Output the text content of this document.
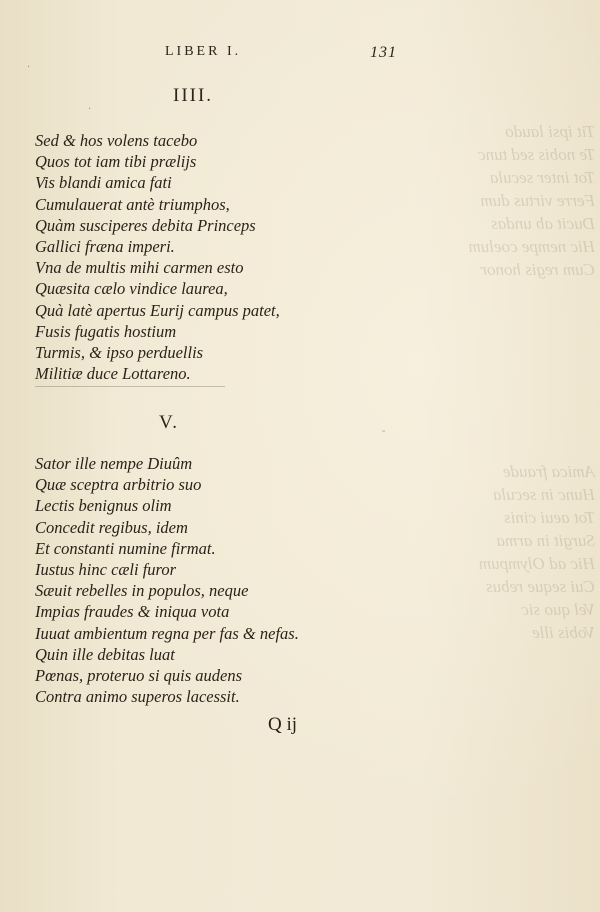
Tit ipsi laudo
Te nobis sed tunc
Tot inter secula
Ferre virtus dum
Ducit ab undas
Hic nempe coelum
Cum regis honor
Amica fraude
Hunc in secula
Tot aeui cinis
Surgit in arma
Hic ad Olympum
Cui seque rebus
Vel quo sic
Vobis ille
LIBER I.	131
IIII.
Sed & hos volens tacebo
Quos tot iam tibi prælijs
Vis blandi amica fati
Cumulauerat antè triumphos,
Quàm susciperes debita Princeps
Gallici fræna imperi.
Vna de multis mihi carmen esto
Quæsita cælo vindice laurea,
Quà latè apertus Eurij campus patet,
Fusis fugatis hostium
Turmis, & ipso perduellis
Militiæ duce Lottareno.
V.
Sator ille nempe Diuûm
Quæ sceptra arbitrio suo
Lectis benignus olim
Concedit regibus, idem
Et constanti numine firmat.
Iustus hinc cæli furor
Sæuit rebelles in populos, neque
Impias fraudes & iniqua vota
Iuuat ambientum regna per fas & nefas.
Quin ille debitas luat
Pœnas, proteruo si quis audens
Contra animo superos lacessit.
Q ij
·
-
·
